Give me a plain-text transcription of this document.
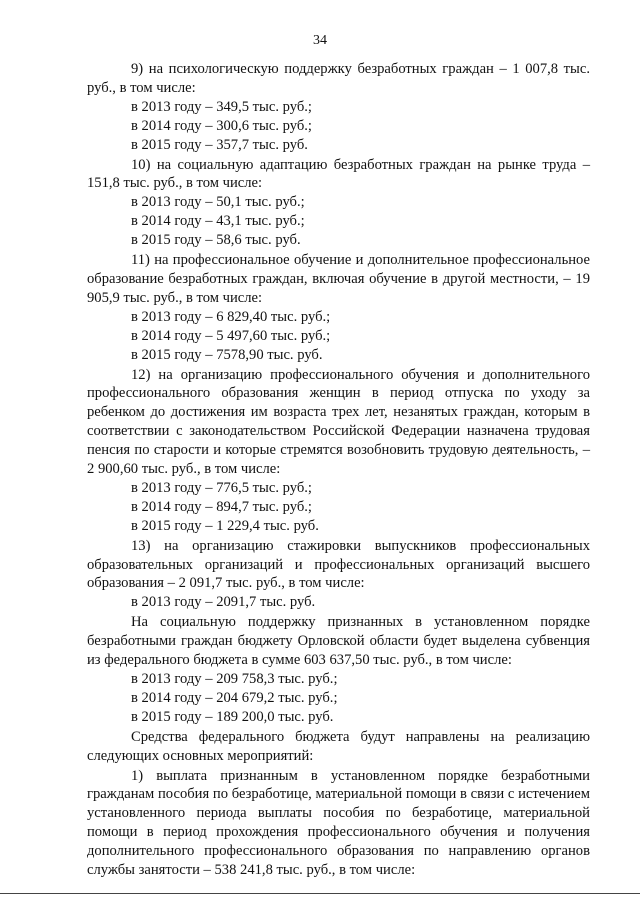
34

9) на психологическую поддержку безработных граждан – 1 007,8 тыс. руб., в том числе:

в 2013 году – 349,5 тыс. руб.;

в 2014 году – 300,6 тыс. руб.;

в 2015 году – 357,7 тыс. руб.

10) на социальную адаптацию безработных граждан на рынке труда – 151,8 тыс. руб., в том числе:

в 2013 году – 50,1 тыс. руб.;

в 2014 году – 43,1 тыс. руб.;

в 2015 году – 58,6 тыс. руб.

11) на профессиональное обучение и дополнительное профессиональное образование безработных граждан, включая обучение в другой местности, – 19 905,9 тыс. руб., в том числе:

в 2013 году – 6 829,40 тыс. руб.;

в 2014 году – 5 497,60 тыс. руб.;

в 2015 году – 7578,90 тыс. руб.

12) на организацию профессионального обучения и дополнительного профессионального образования женщин в период отпуска по уходу за ребенком до достижения им возраста трех лет, незанятых граждан, которым в соответствии с законодательством Российской Федерации назначена трудовая пенсия по старости и которые стремятся возобновить трудовую деятельность, – 2 900,60 тыс. руб., в том числе:

в 2013 году – 776,5 тыс. руб.;

в 2014 году – 894,7 тыс. руб.;

в 2015 году – 1 229,4 тыс. руб.

13) на организацию стажировки выпускников профессиональных образовательных организаций и профессиональных организаций высшего образования – 2 091,7 тыс. руб., в том числе:

в 2013 году – 2091,7 тыс. руб.

На социальную поддержку признанных в установленном порядке безработными граждан бюджету Орловской области будет выделена субвенция из федерального бюджета в сумме 603 637,50 тыс. руб., в том числе:

в 2013 году – 209 758,3 тыс. руб.;

в 2014 году – 204 679,2 тыс. руб.;

в 2015 году – 189 200,0 тыс. руб.

Средства федерального бюджета будут направлены на реализацию следующих основных мероприятий:

1) выплата признанным в установленном порядке безработными гражданам пособия по безработице, материальной помощи в связи с истечением установленного периода выплаты пособия по безработице, материальной помощи в период прохождения профессионального обучения и получения дополнительного профессионального образования по направлению органов службы занятости – 538 241,8 тыс. руб., в том числе:
